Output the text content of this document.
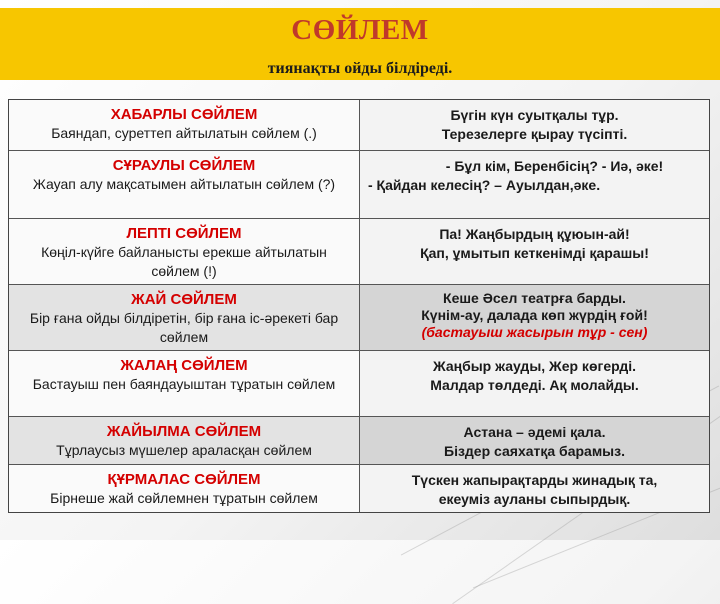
СӨЙЛЕМ
тиянақты ойды білдіреді.
ХАБАРЛЫ СӨЙЛЕМ
Баяндап, суреттеп айтылатын сөйлем (.)
Бүгін күн суытқалы тұр.
Терезелерге қырау түсіпті.
СҰРАУЛЫ СӨЙЛЕМ
Жауап алу мақсатымен айтылатын сөйлем (?)
- Бұл кім, Беренбісің? - Иә, әке!
- Қайдан келесің? – Ауылдан,әке.
ЛЕПТІ СӨЙЛЕМ
Көңіл-күйге байланысты ерекше айтылатын сөйлем (!)
Па! Жаңбырдың құюын-ай!
Қап, ұмытып кеткенімді қарашы!
ЖАЙ СӨЙЛЕМ
Бір ғана ойды білдіретін, бір ғана іс-әрекеті бар сөйлем
Кеше Әсел театрға барды.
Күнім-ау, далада көп жүрдің ғой!
(бастауыш жасырын тұр - сен)
ЖАЛАҢ СӨЙЛЕМ
Бастауыш пен баяндауыштан тұратын сөйлем
Жаңбыр жауды, Жер көгерді.
Малдар төлдеді. Ақ молайды.
ЖАЙЫЛМА СӨЙЛЕМ
Тұрлаусыз мүшелер араласқан сөйлем
Астана – әдемі қала.
Біздер саяхатқа барамыз.
ҚҰРМАЛАС СӨЙЛЕМ
Бірнеше жай сөйлемнен тұратын сөйлем
Түскен жапырақтарды жинадық та,
екеуміз ауланы сыпырдық.
